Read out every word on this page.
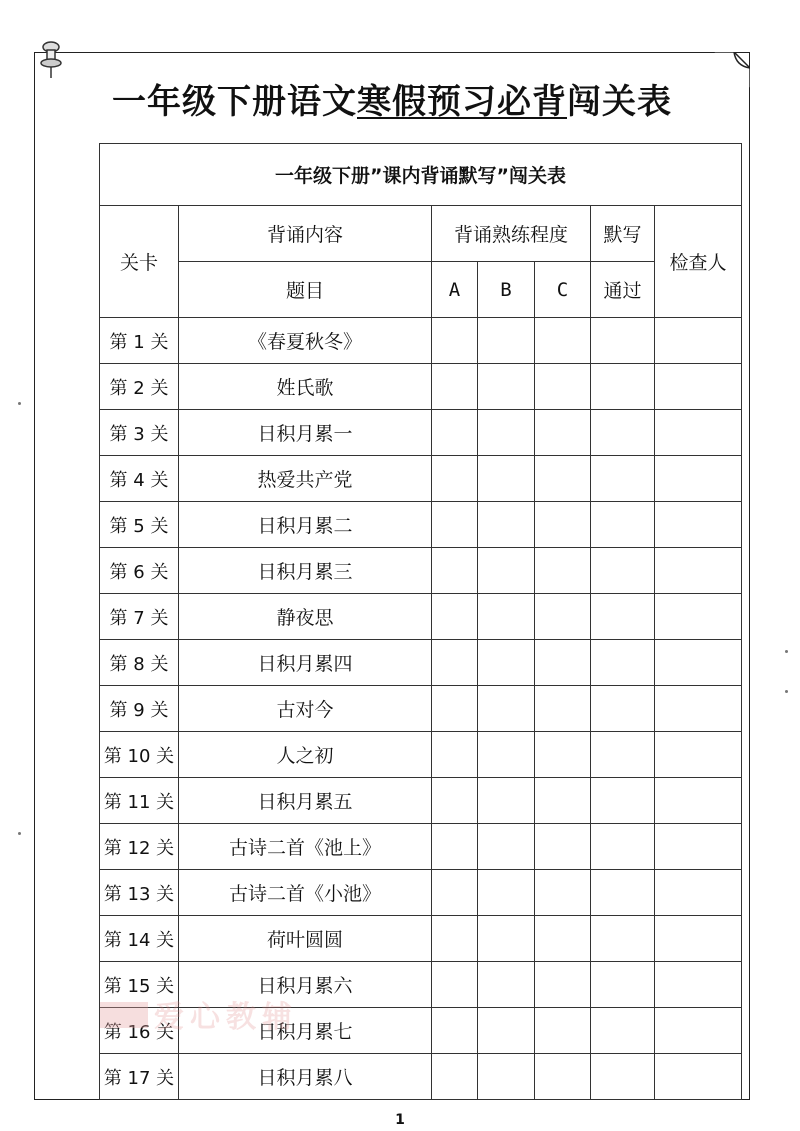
一年级下册语文寒假预习必背闯关表
一年级下册”课内背诵默写”闯关表						
关卡	背诵内容	背诵熟练程度			默写	检查人
	题目	A	B	C	通过	
第 1 关	《春夏秋冬》					
第 2 关	姓氏歌					
第 3 关	日积月累一					
第 4 关	热爱共产党					
第 5 关	日积月累二					
第 6 关	日积月累三					
第 7 关	静夜思					
第 8 关	日积月累四					
第 9 关	古对今					
第 10 关	人之初					
第 11 关	日积月累五					
第 12 关	古诗二首《池上》					
第 13 关	古诗二首《小池》					
第 14 关	荷叶圆圆					
第 15 关	日积月累六					
第 16 关	日积月累七					
第 17 关	日积月累八					
爱心教辅
1
